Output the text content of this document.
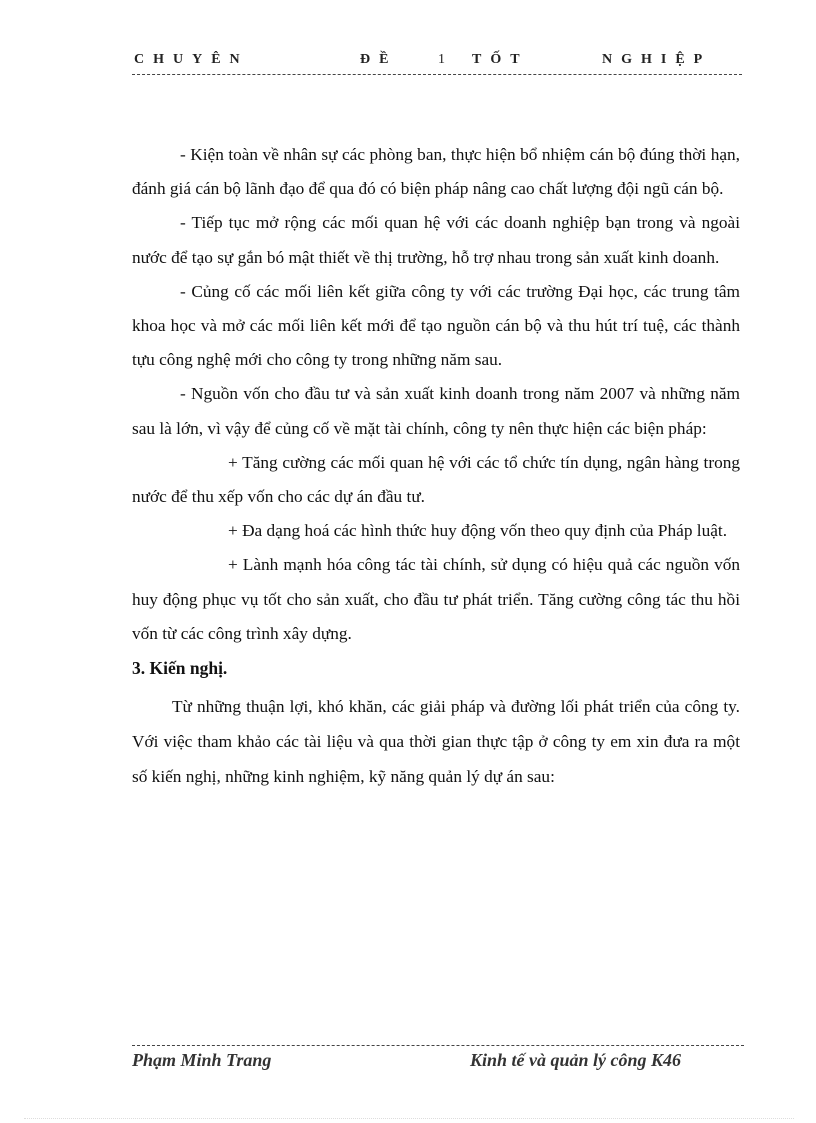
CHUYÊN	ĐỀ	1 TỐT	NGHIỆP

- Kiện toàn về nhân sự các phòng ban, thực hiện bổ nhiệm cán bộ đúng thời hạn, đánh giá cán bộ lãnh đạo để qua đó có biện pháp nâng cao chất lượng đội ngũ cán bộ.

- Tiếp tục mở rộng các mối quan hệ với các doanh nghiệp bạn trong và ngoài nước để tạo sự gắn bó mật thiết về thị trường, hỗ trợ nhau trong sản xuất kinh doanh.

- Củng cố các mối liên kết giữa công ty với các trường Đại học, các trung tâm khoa học và mở các mối liên kết mới để tạo nguồn cán bộ và thu hút trí tuệ, các thành tựu công nghệ mới cho công ty trong những năm sau.

- Nguồn vốn cho đầu tư và sản xuất kinh doanh trong năm 2007 và những năm sau là lớn, vì vậy để củng cố về mặt tài chính, công ty nên thực hiện các biện pháp:

+ Tăng cường các mối quan hệ với các tổ chức tín dụng, ngân hàng trong nước để thu xếp vốn cho các dự án đầu tư.

+ Đa dạng hoá các hình thức huy động vốn theo quy định của Pháp luật.

+ Lành mạnh hóa công tác tài chính, sử dụng có hiệu quả các nguồn vốn huy động phục vụ tốt cho sản xuất, cho đầu tư phát triển. Tăng cường công tác thu hồi vốn từ các công trình xây dựng.

3. Kiến nghị.

Từ những thuận lợi, khó khăn, các giải pháp và đường lối phát triển của công ty. Với việc tham khảo các tài liệu và qua thời gian thực tập ở công ty em xin đưa ra một số kiến nghị, những kinh nghiệm, kỹ năng quản lý dự án sau:

Phạm Minh Trang	Kinh tế và quản lý công K46
